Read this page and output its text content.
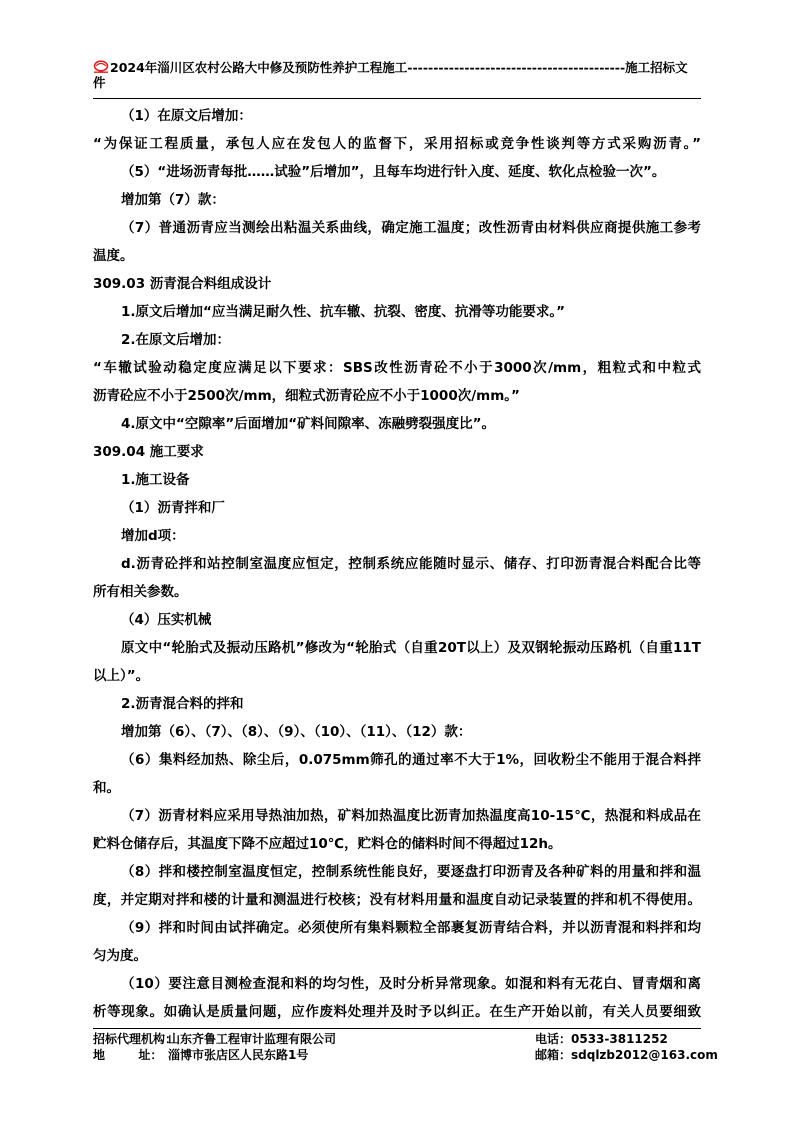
2024年淄川区农村公路大中修及预防性养护工程施工------------------------------------------施工招标文
件
（1）在原文后增加：
“为保证工程质量，承包人应在发包人的监督下，采用招标或竞争性谈判等方式采购沥青。”
（5）“进场沥青每批……试验”后增加”，且每车均进行针入度、延度、软化点检验一次”。
增加第（7）款：
（7）普通沥青应当测绘出粘温关系曲线，确定施工温度；改性沥青由材料供应商提供施工参考
温度。
309.03 沥青混合料组成设计
1.原文后增加“应当满足耐久性、抗车辙、抗裂、密度、抗滑等功能要求。”
2.在原文后增加：
“车辙试验动稳定度应满足以下要求：SBS改性沥青砼不小于3000次/mm，粗粒式和中粒式
沥青砼应不小于2500次/mm，细粒式沥青砼应不小于1000次/mm。”
4.原文中“空隙率”后面增加“矿料间隙率、冻融劈裂强度比”。
309.04 施工要求
1.施工设备
（1）沥青拌和厂
增加d项：
d.沥青砼拌和站控制室温度应恒定，控制系统应能随时显示、储存、打印沥青混合料配合比等
所有相关参数。
（4）压实机械
原文中“轮胎式及振动压路机”修改为“轮胎式（自重20T以上）及双钢轮振动压路机（自重11T
以上）”。
2.沥青混合料的拌和
增加第（6）、（7）、（8）、（9）、（10）、（11）、（12）款：
（6）集料经加热、除尘后，0.075mm筛孔的通过率不大于1%，回收粉尘不能用于混合料拌
和。
（7）沥青材料应采用导热油加热，矿料加热温度比沥青加热温度高10-15℃，热混和料成品在
贮料仓储存后，其温度下降不应超过10℃，贮料仓的储料时间不得超过12h。
（8）拌和楼控制室温度恒定，控制系统性能良好，要逐盘打印沥青及各种矿料的用量和拌和温
度，并定期对拌和楼的计量和测温进行校核；没有材料用量和温度自动记录装置的拌和机不得使用。
（9）拌和时间由试拌确定。必须使所有集料颗粒全部裹复沥青结合料，并以沥青混和料拌和均
匀为度。
（10）要注意目测检查混和料的均匀性，及时分析异常现象。如混和料有无花白、冒青烟和离
析等现象。如确认是质量问题，应作废料处理并及时予以纠正。在生产开始以前，有关人员要细致
招标代理机构：
山东齐鲁工程审计监理有限公司	电话： 0533-3811252
地        址： 淄博市张店区人民东路1号	邮箱： sdqlzb2012@163.com
